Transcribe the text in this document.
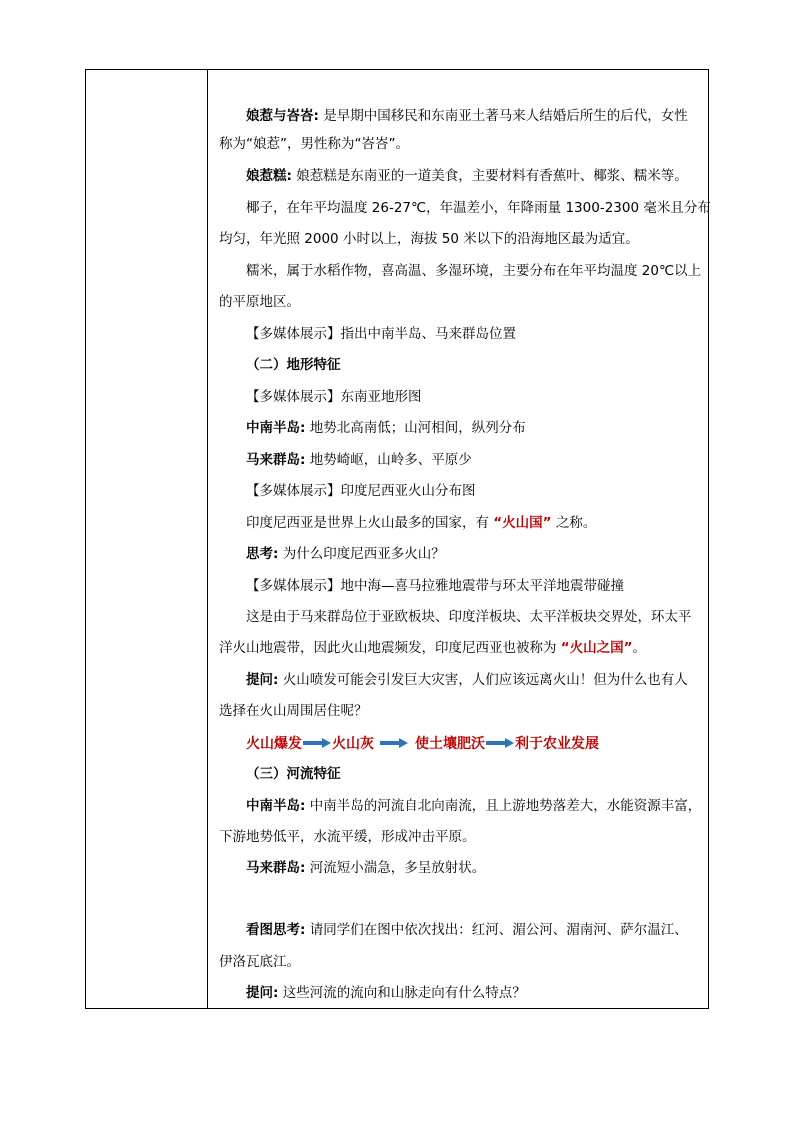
娘惹与峇峇: 是早期中国移民和东南亚土著马来人结婚后所生的后代，女性
称为“娘惹”，男性称为“峇峇”。
娘惹糕: 娘惹糕是东南亚的一道美食，主要材料有香蕉叶、椰浆、糯米等。
椰子，在年平均温度 26-27℃，年温差小，年降雨量 1300-2300 毫米且分布
均匀，年光照 2000 小时以上，海拔 50 米以下的沿海地区最为适宜。
糯米，属于水稻作物，喜高温、多湿环境，主要分布在年平均温度 20℃以上
的平原地区。
【多媒体展示】指出中南半岛、马来群岛位置
（二）地形特征
【多媒体展示】东南亚地形图
中南半岛: 地势北高南低；山河相间，纵列分布
马来群岛: 地势崎岖，山岭多、平原少
【多媒体展示】印度尼西亚火山分布图
印度尼西亚是世界上火山最多的国家，有 “火山国” 之称。
思考: 为什么印度尼西亚多火山？
【多媒体展示】地中海—喜马拉雅地震带与环太平洋地震带碰撞
这是由于马来群岛位于亚欧板块、印度洋板块、太平洋板块交界处，环太平
洋火山地震带，因此火山地震频发，印度尼西亚也被称为 “火山之国”。
提问: 火山喷发可能会引发巨大灾害，人们应该远离火山！但为什么也有人
选择在火山周围居住呢？
火山爆发 火山灰	使土壤肥沃 利于农业发展
（三）河流特征
中南半岛: 中南半岛的河流自北向南流，且上游地势落差大，水能资源丰富，
下游地势低平，水流平缓，形成冲击平原。
马来群岛: 河流短小湍急，多呈放射状。
看图思考: 请同学们在图中依次找出：红河、湄公河、湄南河、萨尔温江、
伊洛瓦底江。
提问: 这些河流的流向和山脉走向有什么特点？
